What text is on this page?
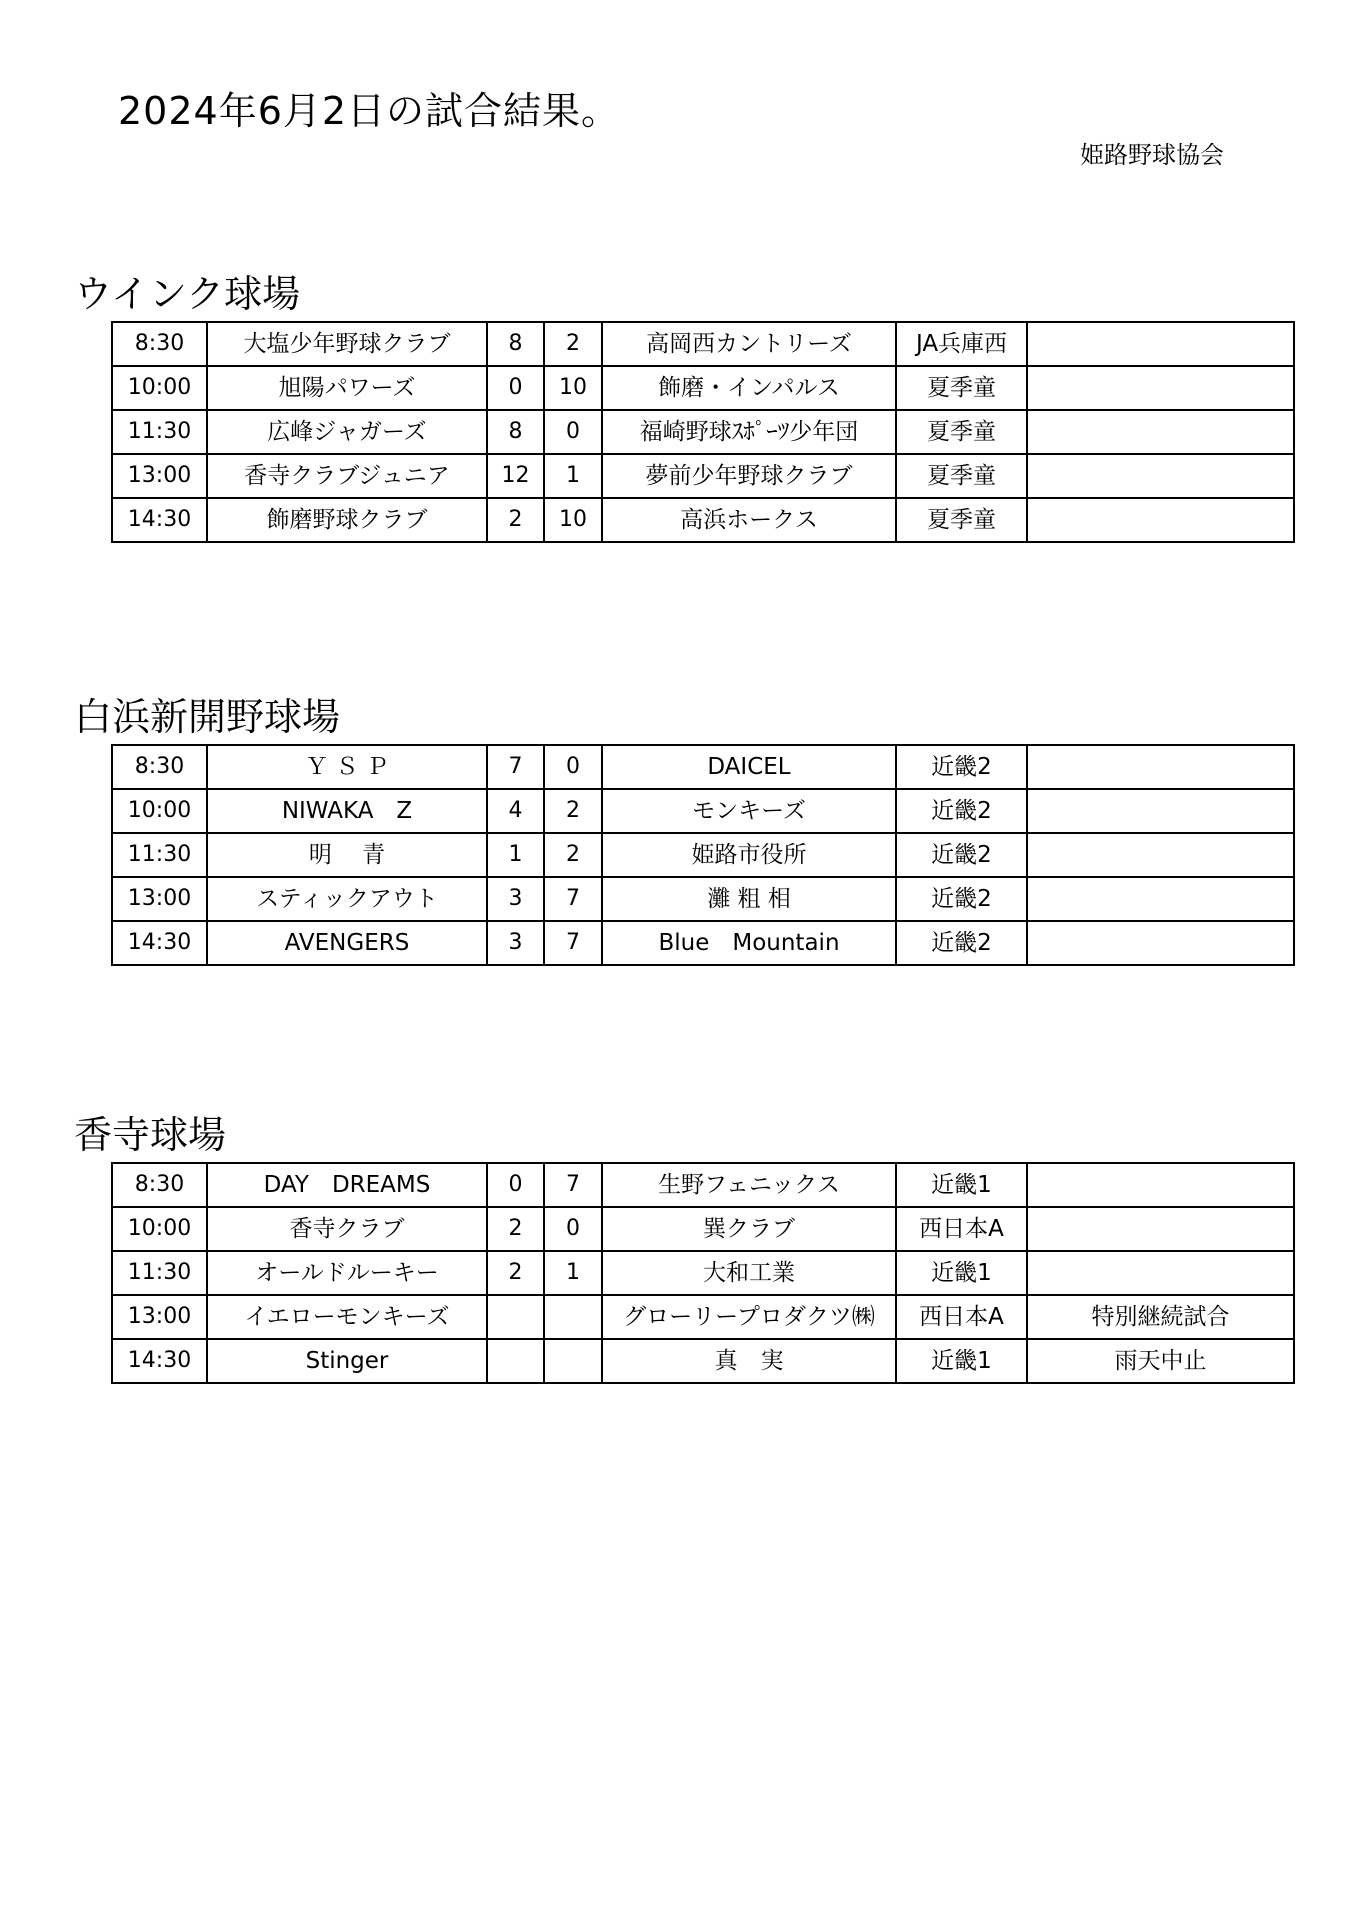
2024年6月2日の試合結果。
姫路野球協会
ウインク球場
8:30	大塩少年野球クラブ	8	2	高岡西カントリーズ	JA兵庫西	
10:00	旭陽パワーズ	0	10	飾磨・インパルス	夏季童	
11:30	広峰ジャガーズ	8	0	福崎野球ｽﾎﾟｰﾂ少年団	夏季童	
13:00	香寺クラブジュニア	12	1	夢前少年野球クラブ	夏季童	
14:30	飾磨野球クラブ	2	10	高浜ホークス	夏季童	
白浜新開野球場
8:30	Ｙ Ｓ Ｐ	7	0	DAICEL	近畿2	
10:00	NIWAKA　Z	4	2	モンキーズ	近畿2	
11:30	明　 青	1	2	姫路市役所	近畿2	
13:00	スティックアウト	3	7	灘 粗 相	近畿2	
14:30	AVENGERS	3	7	Blue　Mountain	近畿2	
香寺球場
8:30	DAY　DREAMS	0	7	生野フェニックス	近畿1	
10:00	香寺クラブ	2	0	巽クラブ	西日本A	
11:30	オールドルーキー	2	1	大和工業	近畿1	
13:00	イエローモンキーズ			グローリープロダクツ㈱	西日本A	特別継続試合
14:30	Stinger			真　実	近畿1	雨天中止
